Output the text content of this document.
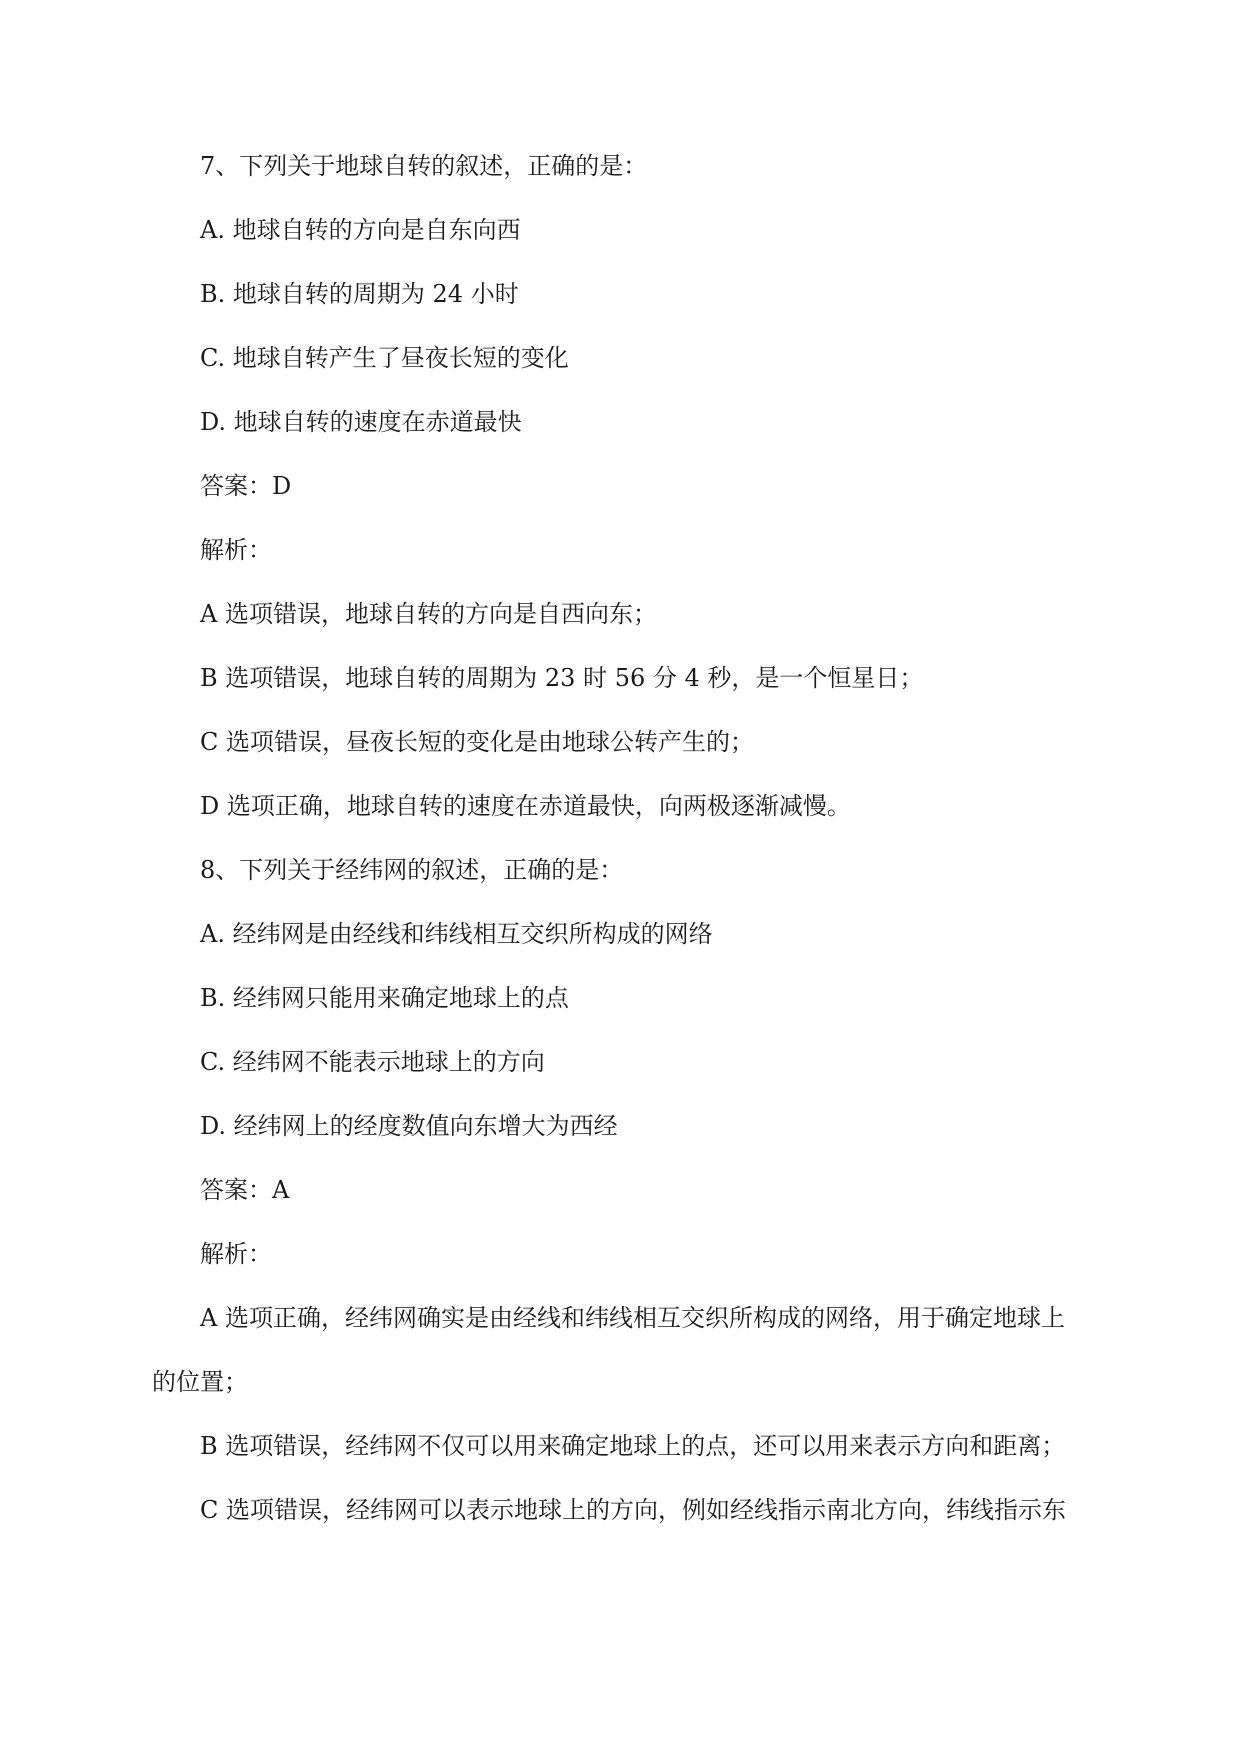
7、下列关于地球自转的叙述，正确的是：
A. 地球自转的方向是自东向西
B. 地球自转的周期为 24 小时
C. 地球自转产生了昼夜长短的变化
D. 地球自转的速度在赤道最快
答案：D
解析：
A 选项错误，地球自转的方向是自西向东；
B 选项错误，地球自转的周期为 23 时 56 分 4 秒，是一个恒星日；
C 选项错误，昼夜长短的变化是由地球公转产生的；
D 选项正确，地球自转的速度在赤道最快，向两极逐渐减慢。
8、下列关于经纬网的叙述，正确的是：
A. 经纬网是由经线和纬线相互交织所构成的网络
B. 经纬网只能用来确定地球上的点
C. 经纬网不能表示地球上的方向
D. 经纬网上的经度数值向东增大为西经
答案：A
解析：
A 选项正确，经纬网确实是由经线和纬线相互交织所构成的网络，用于确定地球上
的位置；
B 选项错误，经纬网不仅可以用来确定地球上的点，还可以用来表示方向和距离；
C 选项错误，经纬网可以表示地球上的方向，例如经线指示南北方向，纬线指示东
